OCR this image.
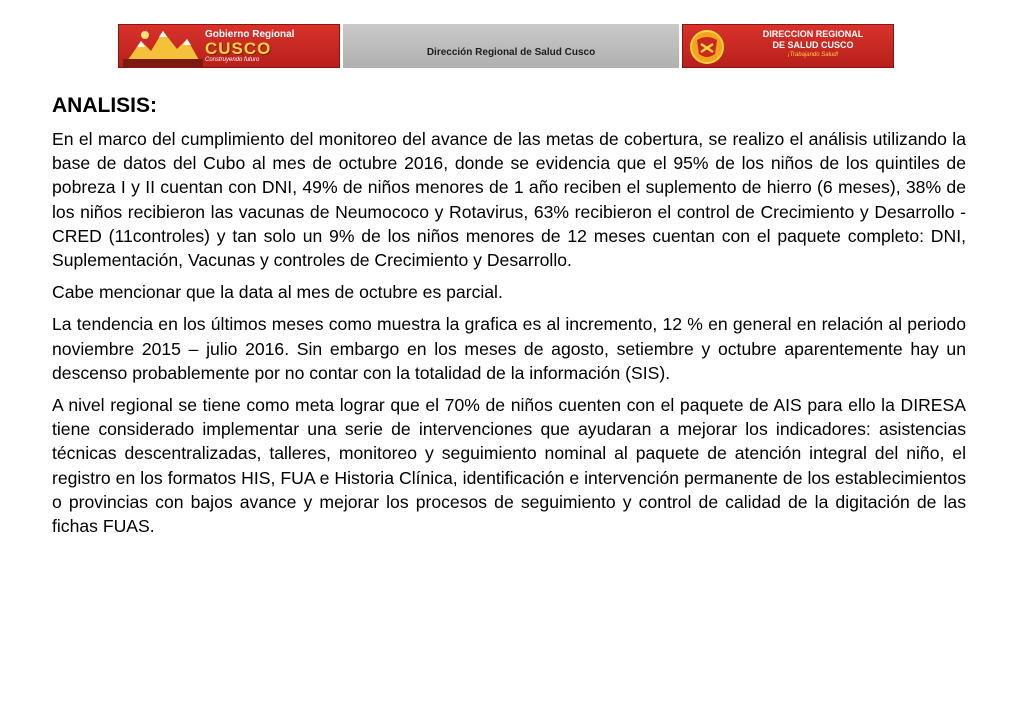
Gobierno Regional
CUSCO
Construyendo futuro
Dirección Regional de Salud Cusco
DIRECCION REGIONAL
DE SALUD CUSCO
¡Trabajando Salud!
ANALISIS:

En el marco del cumplimiento del monitoreo del avance de las metas de cobertura, se realizo el análisis utilizando la base de datos del Cubo al mes de octubre 2016, donde se evidencia que el 95% de los niños de los quintiles de pobreza I y II cuentan con DNI, 49% de niños menores de 1 año reciben el suplemento de hierro (6 meses), 38% de los niños recibieron las vacunas de Neumococo y Rotavirus, 63% recibieron el control de Crecimiento y Desarrollo - CRED (11controles) y tan solo un 9% de los niños menores de 12 meses cuentan con el paquete completo: DNI, Suplementación, Vacunas y controles de Crecimiento y Desarrollo.

Cabe mencionar que la data al mes de octubre es parcial.

La tendencia en los últimos meses como muestra la grafica es al incremento, 12 % en general en relación al periodo noviembre 2015 – julio 2016. Sin embargo en los meses de agosto, setiembre y octubre aparentemente hay un descenso probablemente por no contar con la totalidad de la información (SIS).

A nivel regional se tiene como meta lograr que el 70% de niños cuenten con el paquete de AIS para ello la DIRESA tiene considerado implementar una serie de intervenciones que ayudaran a mejorar los indicadores: asistencias técnicas descentralizadas, talleres, monitoreo y seguimiento nominal al paquete de atención integral del niño, el registro en los formatos HIS, FUA e Historia Clínica, identificación e intervención permanente de los establecimientos o provincias con bajos avance y mejorar los procesos de seguimiento y control de calidad de la digitación de las fichas FUAS.
